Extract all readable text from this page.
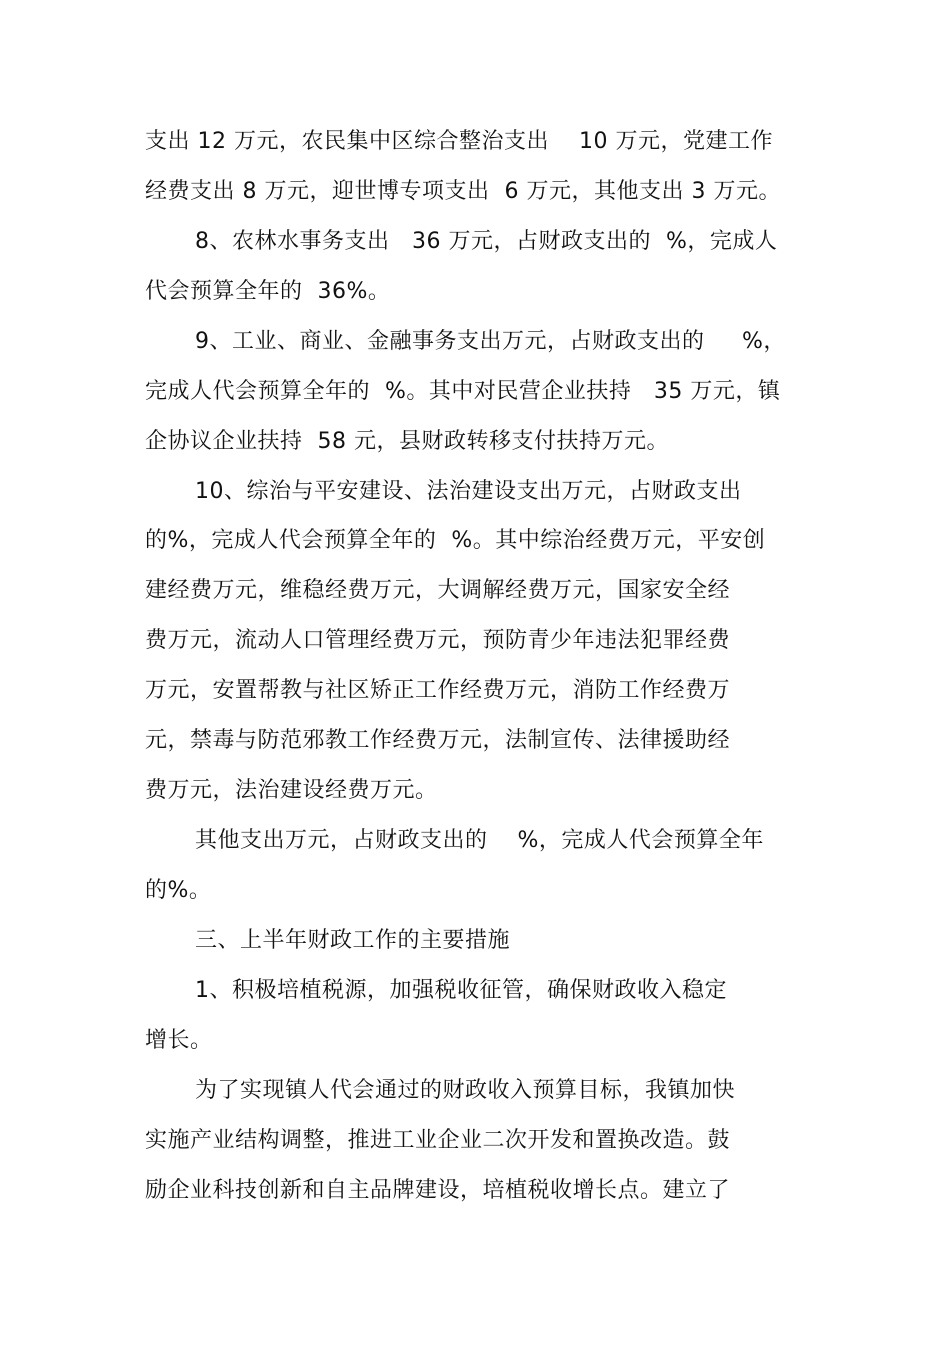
支出 12 万元，农民集中区综合整治支出    10 万元，党建工作
经费支出 8 万元，迎世博专项支出  6 万元，其他支出 3 万元。
8、农林水事务支出   36 万元，占财政支出的  %，完成人
代会预算全年的  36%。
9、工业、商业、金融事务支出万元，占财政支出的     %，
完成人代会预算全年的  %。其中对民营企业扶持   35 万元，镇
企协议企业扶持  58 元，县财政转移支付扶持万元。
10、综治与平安建设、法治建设支出万元，占财政支出
的%，完成人代会预算全年的  %。其中综治经费万元，平安创
建经费万元，维稳经费万元，大调解经费万元，国家安全经
费万元，流动人口管理经费万元，预防青少年违法犯罪经费
万元，安置帮教与社区矫正工作经费万元，消防工作经费万
元，禁毒与防范邪教工作经费万元，法制宣传、法律援助经
费万元，法治建设经费万元。
其他支出万元，占财政支出的    %，完成人代会预算全年
的%。
三、上半年财政工作的主要措施
1、积极培植税源，加强税收征管，确保财政收入稳定
增长。
为了实现镇人代会通过的财政收入预算目标，我镇加快
实施产业结构调整，推进工业企业二次开发和置换改造。鼓
励企业科技创新和自主品牌建设，培植税收增长点。建立了
